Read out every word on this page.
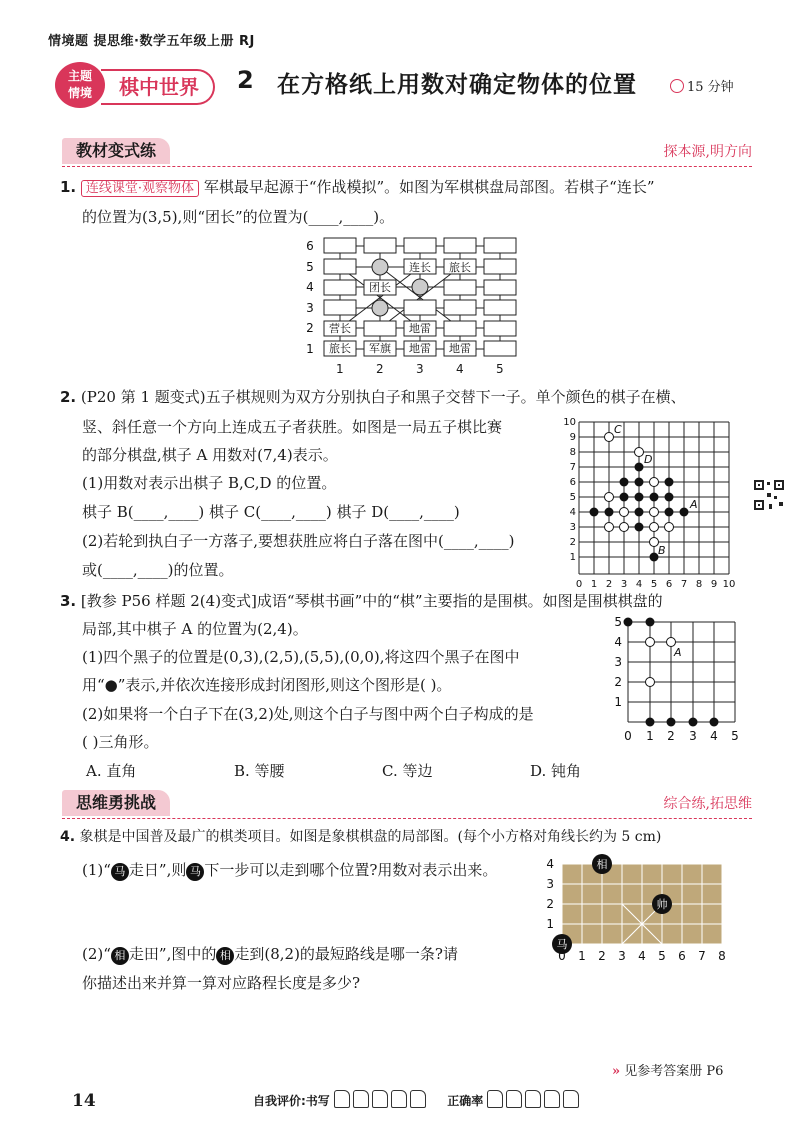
情境题 提思维·数学五年级上册 RJ
主题
情境	棋中世界	2 在方格纸上用数对确定物体的位置	15 分钟
教材变式练	探本源,明方向
1. 连线课堂·观察物体 军棋最早起源于“作战模拟”。如图为军棋棋盘局部图。若棋子“连长”
的位置为(3,5),则“团长”的位置为(____,____)。
连长 旅长
团长
营长	地雷
旅长 军旗 地雷 地雷
6
5
4
3
2
1
1	2	3	4	5
2. (P20 第 1 题变式)五子棋规则为双方分别执白子和黑子交替下一子。单个颜色的棋子在横、
竖、斜任意一个方向上连成五子者获胜。如图是一局五子棋比赛
的部分棋盘,棋子 A 用数对(7,4)表示。
(1)用数对表示出棋子 B,C,D 的位置。
棋子 B(____,____) 棋子 C(____,____) 棋子 D(____,____)
(2)若轮到执白子一方落子,要想获胜应将白子落在图中(____,____)
或(____,____)的位置。
A
B
C
D
10
9
8
7
6
5
4
3
2
1
0 1 2 3 4 5 6 7 8 9 10
3. [教参 P56 样题 2(4)变式]成语“琴棋书画”中的“棋”主要指的是围棋。如图是围棋棋盘的
局部,其中棋子 A 的位置为(2,4)。
(1)四个黑子的位置是(0,3),(2,5),(5,5),(0,0),将这四个黑子在图中
用“●”表示,并依次连接形成封闭图形,则这个图形是( )。
(2)如果将一个白子下在(3,2)处,则这个白子与图中两个白子构成的是
( )三角形。
A. 直角	B. 等腰	C. 等边	D. 钝角
A
5
4
3
2
1
0 1 2 3 4 5
思维勇挑战	综合练,拓思维
4. 象棋是中国普及最广的棋类项目。如图是象棋棋盘的局部图。(每个小方格对角线长约为 5 cm)
(1)“ 马 走日”,则 马 下一步可以走到哪个位置?用数对表示出来。
(2)“ 相 走田”,图中的 相 走到(8,2)的最短路线是哪一条?请
你描述出来并算一算对应路程长度是多少?
相
帅
马
4
3
2
1
0 1 2 3 4 5 6 7 8
» 见参考答案册 P6
14	自我评价:书写	正确率
